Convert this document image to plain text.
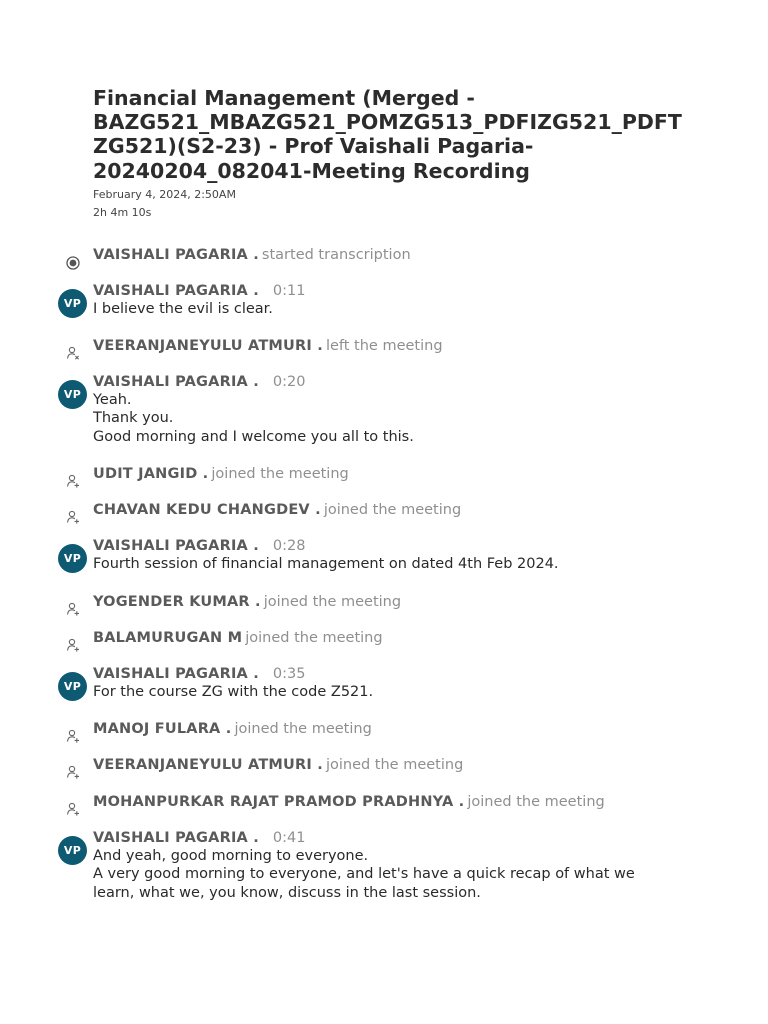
Financial Management (Merged - BAZG521_MBAZG521_POMZG513_PDFIZG521_PDFTZG521)(S2-23) - Prof Vaishali Pagaria-20240204_082041-Meeting Recording
February 4, 2024, 2:50AM
2h 4m 10s
VAISHALI PAGARIA . started transcription
VP
VAISHALI PAGARIA . 0:11
I believe the evil is clear.
VEERANJANEYULU ATMURI . left the meeting
VP
VAISHALI PAGARIA . 0:20
Yeah.
Thank you.
Good morning and I welcome you all to this.
UDIT JANGID . joined the meeting
CHAVAN KEDU CHANGDEV . joined the meeting
VP
VAISHALI PAGARIA . 0:28
Fourth session of financial management on dated 4th Feb 2024.
YOGENDER KUMAR . joined the meeting
BALAMURUGAN M joined the meeting
VP
VAISHALI PAGARIA . 0:35
For the course ZG with the code Z521.
MANOJ FULARA . joined the meeting
VEERANJANEYULU ATMURI . joined the meeting
MOHANPURKAR RAJAT PRAMOD PRADHNYA . joined the meeting
VP
VAISHALI PAGARIA . 0:41
And yeah, good morning to everyone.
A very good morning to everyone, and let's have a quick recap of what we
learn, what we, you know, discuss in the last session.
